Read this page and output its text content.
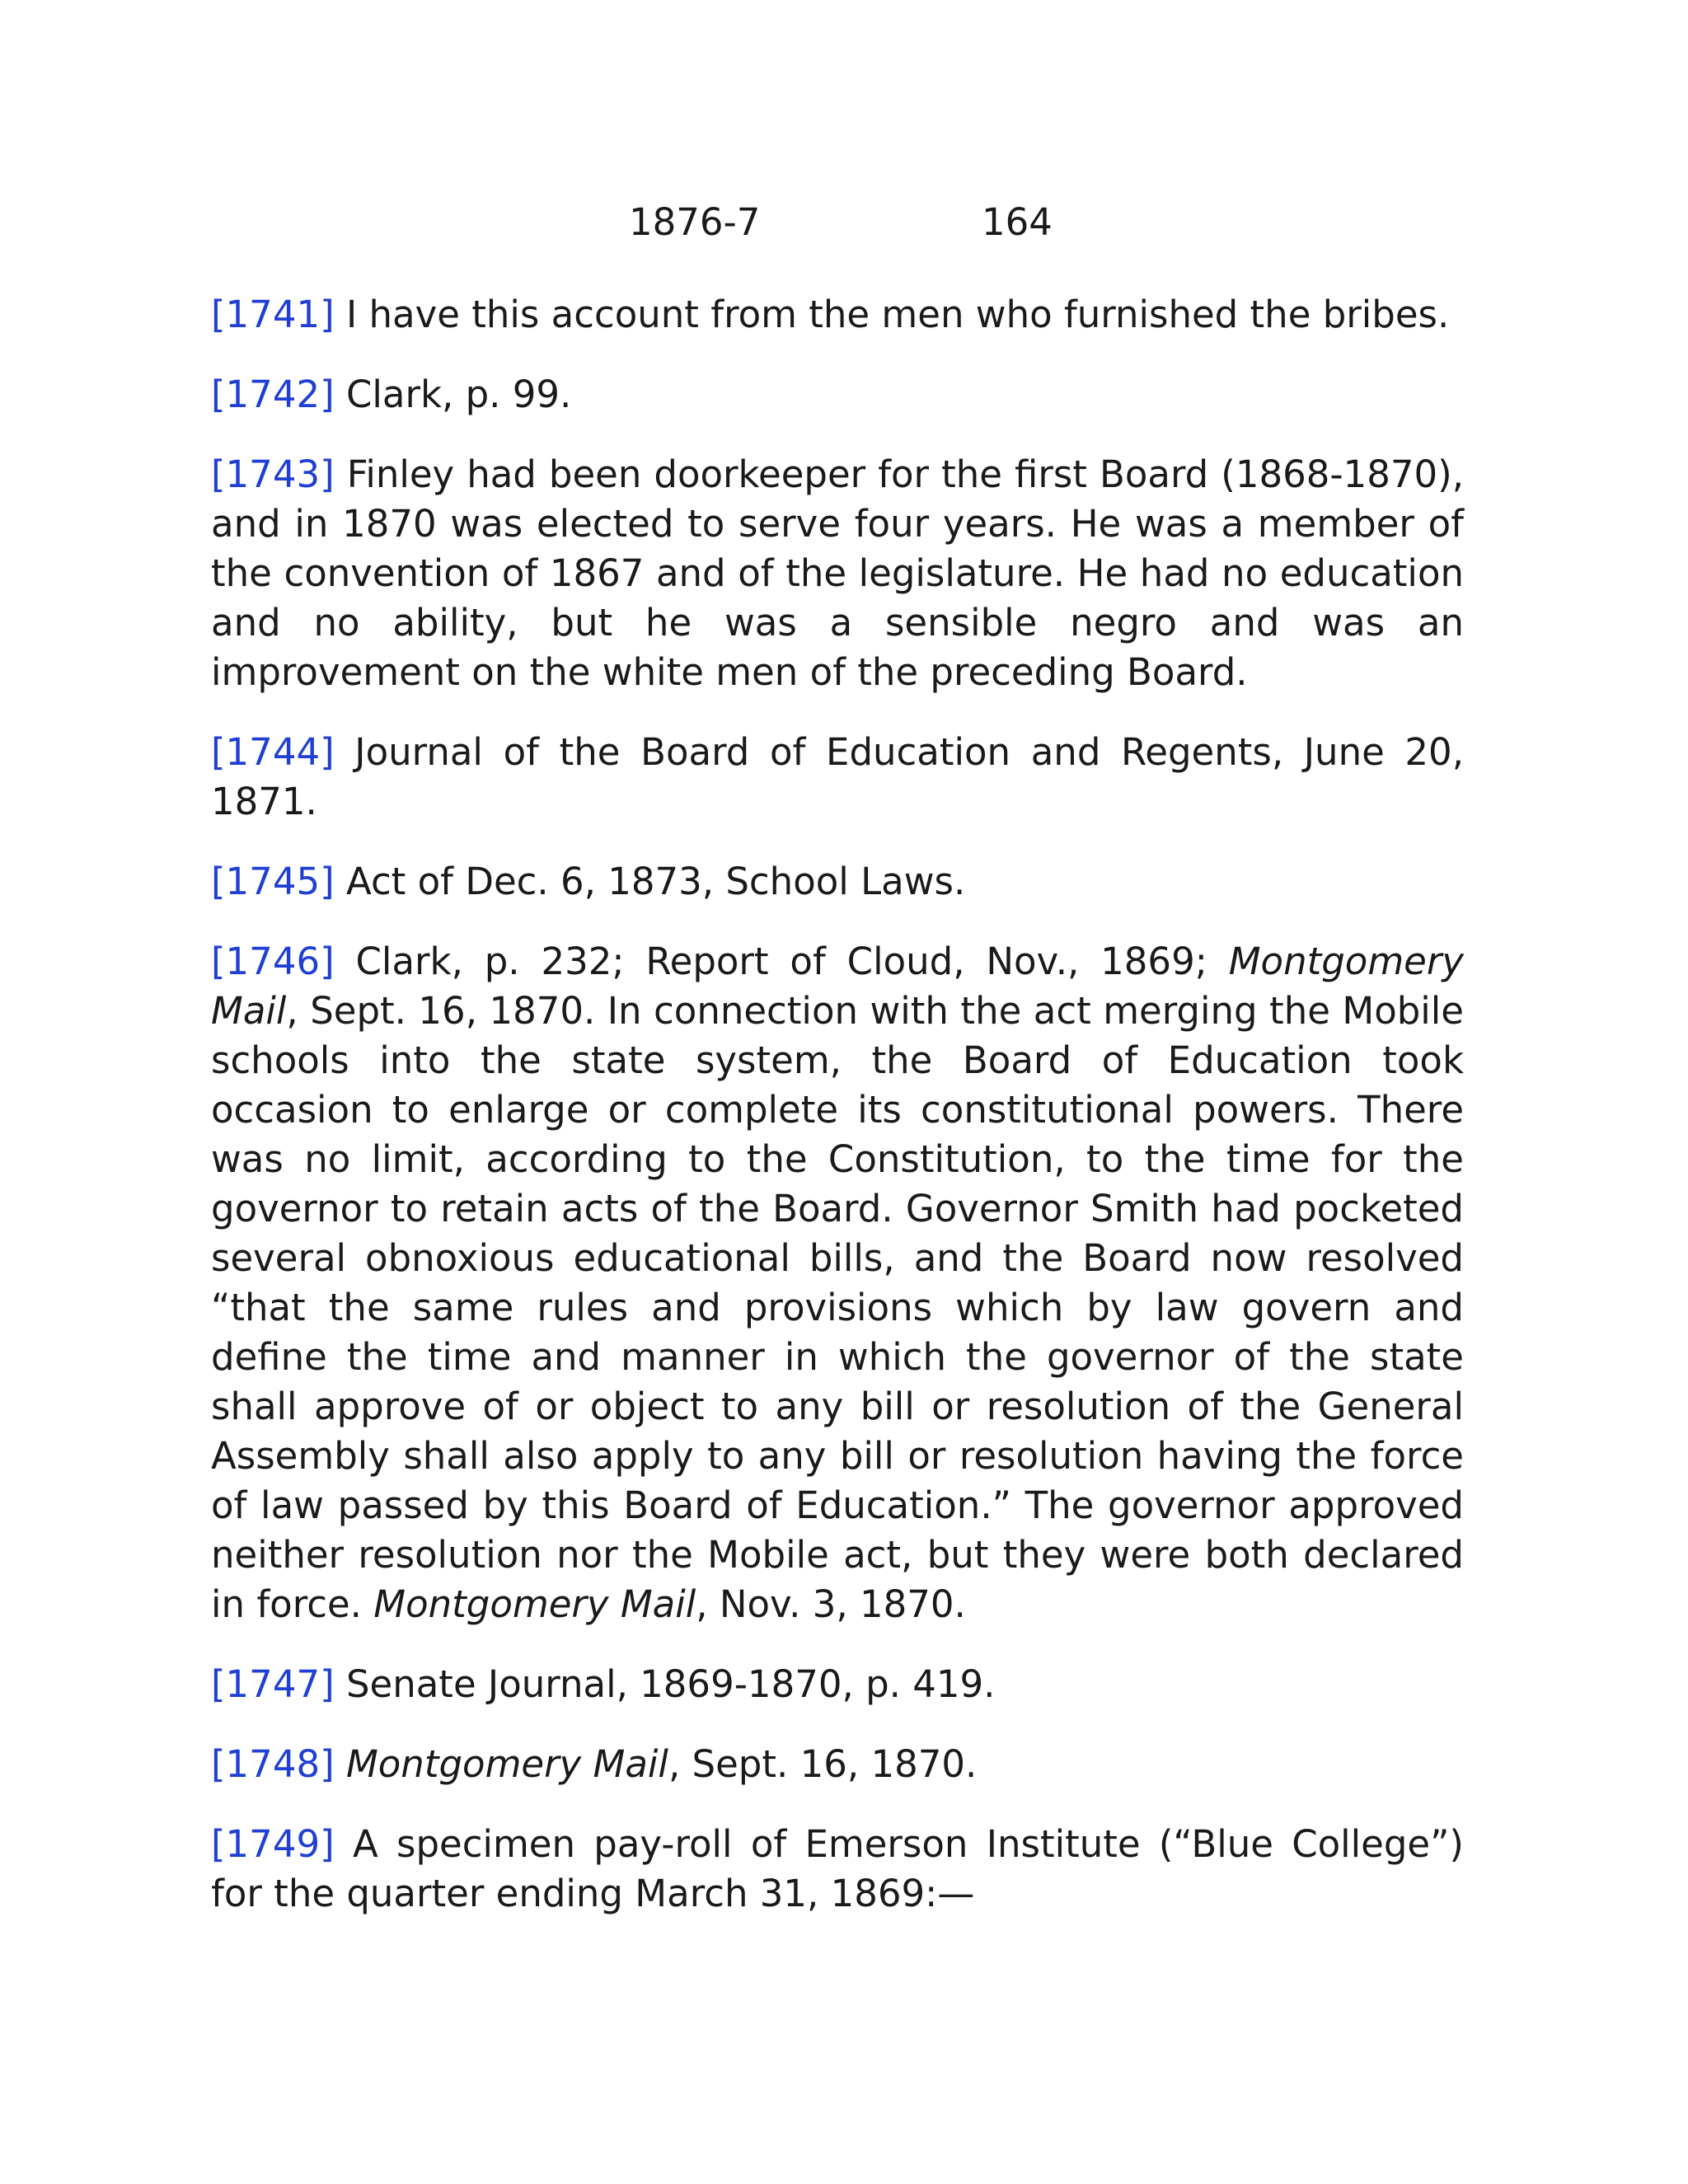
1876-7	164

[1741] I have this account from the men who furnished the bribes.

[1742] Clark, p. 99.

[1743] Finley had been doorkeeper for the first Board (1868-1870), and in 1870 was elected to serve four years. He was a member of the convention of 1867 and of the legislature. He had no education and no ability, but he was a sensible negro and was an improvement on the white men of the preceding Board.

[1744] Journal of the Board of Education and Regents, June 20, 1871.

[1745] Act of Dec. 6, 1873, School Laws.

[1746] Clark, p. 232; Report of Cloud, Nov., 1869; Montgomery Mail, Sept. 16, 1870. In connection with the act merging the Mobile schools into the state system, the Board of Education took occasion to enlarge or complete its constitutional powers. There was no limit, according to the Constitution, to the time for the governor to retain acts of the Board. Governor Smith had pocketed several obnoxious educational bills, and the Board now resolved “that the same rules and provisions which by law govern and define the time and manner in which the governor of the state shall approve of or object to any bill or resolution of the General Assembly shall also apply to any bill or resolution having the force of law passed by this Board of Education.” The governor approved neither resolution nor the Mobile act, but they were both declared in force. Montgomery Mail, Nov. 3, 1870.

[1747] Senate Journal, 1869-1870, p. 419.

[1748] Montgomery Mail, Sept. 16, 1870.

[1749] A specimen pay-roll of Emerson Institute (“Blue College”) for the quarter ending March 31, 1869:—
